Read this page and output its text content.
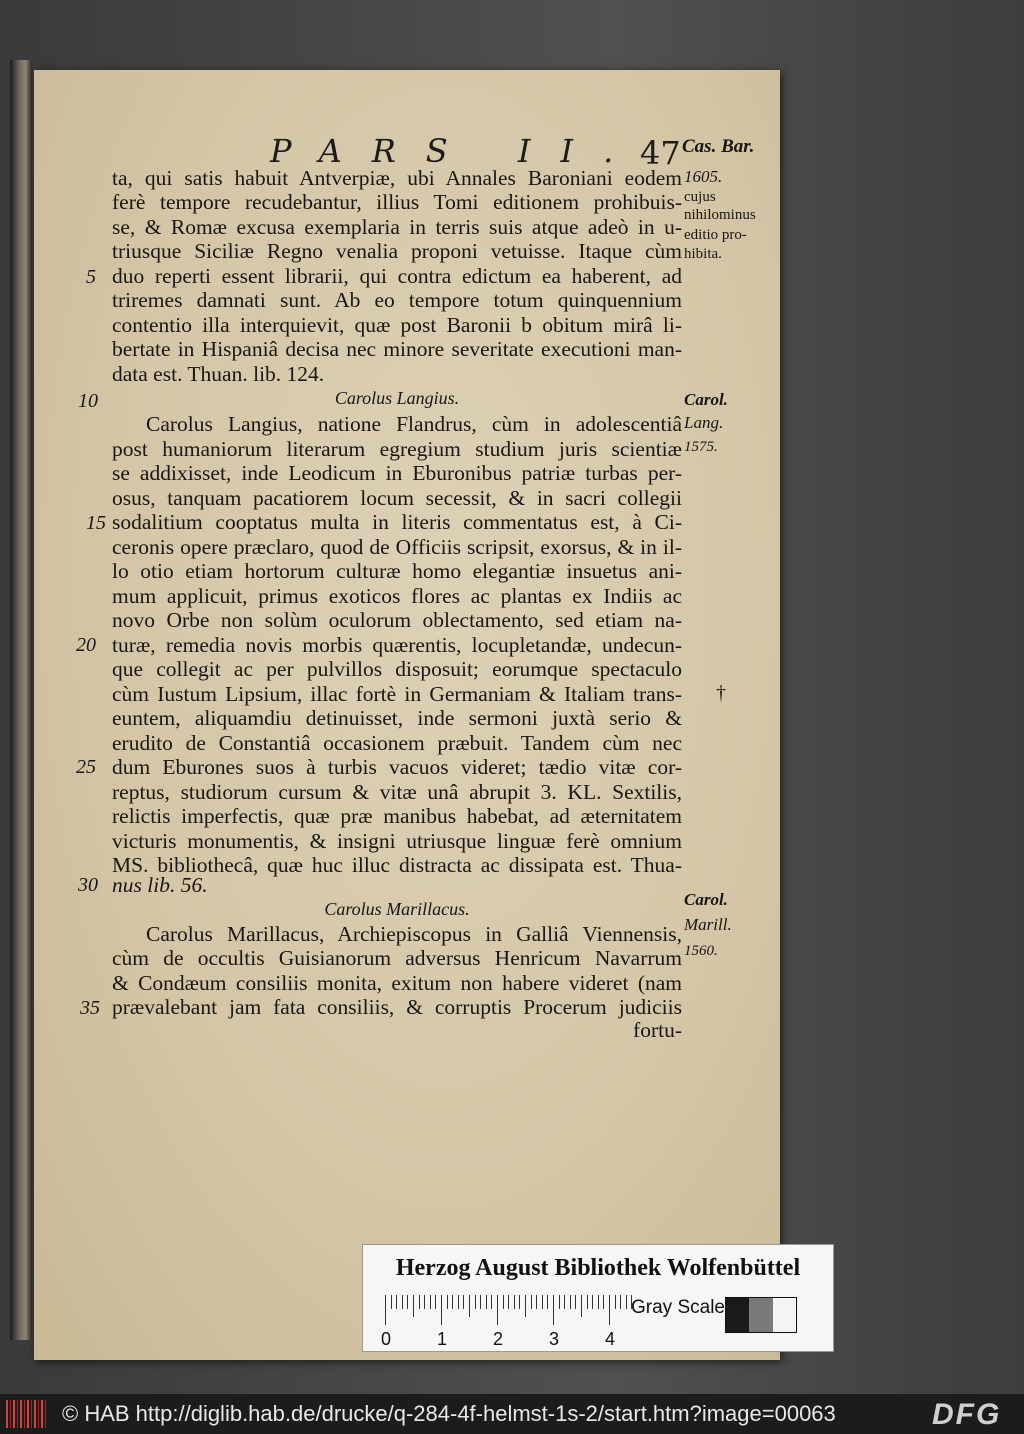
PARS II.
47
ta, qui satis habuit Antverpiæ, ubi Annales Baroniani eodem
ferè tempore recudebantur, illius Tomi editionem prohibuis-
se, & Romæ excusa exemplaria in terris suis atque adeò in u-
triusque Siciliæ Regno venalia proponi vetuisse. Itaque cùm
duo reperti essent librarii, qui contra edictum ea haberent, ad
triremes damnati sunt. Ab eo tempore totum quinquennium
contentio illa interquievit, quæ post Baronii b obitum mirâ li-
bertate in Hispaniâ decisa nec minore severitate executioni man-
data est. Thuan. lib. 124.
Carolus Langius.
Carolus Langius, natione Flandrus, cùm in adolescentiâ
post humaniorum literarum egregium studium juris scientiæ
se addixisset, inde Leodicum in Eburonibus patriæ turbas per-
osus, tanquam pacatiorem locum secessit, & in sacri collegii
sodalitium cooptatus multa in literis commentatus est, à Ci-
ceronis opere præclaro, quod de Officiis scripsit, exorsus, & in il-
lo otio etiam hortorum culturæ homo elegantiæ insuetus ani-
mum applicuit, primus exoticos flores ac plantas ex Indiis ac
novo Orbe non solùm oculorum oblectamento, sed etiam na-
turæ, remedia novis morbis quærentis, locupletandæ, undecun-
que collegit ac per pulvillos disposuit; eorumque spectaculo
cùm Iustum Lipsium, illac fortè in Germaniam & Italiam trans-
euntem, aliquamdiu detinuisset, inde sermoni juxtà serio &
erudito de Constantiâ occasionem præbuit. Tandem cùm nec
dum Eburones suos à turbis vacuos videret; tædio vitæ cor-
reptus, studiorum cursum & vitæ unâ abrupit 3. KL. Sextilis,
relictis imperfectis, quæ præ manibus habebat, ad æternitatem
victuris monumentis, & insigni utriusque linguæ ferè omnium
MS. bibliothecâ, quæ huc illuc distracta ac dissipata est. Thua-
nus lib. 56.
Carolus Marillacus.
Carolus Marillacus, Archiepiscopus in Galliâ Viennensis,
cùm de occultis Guisianorum adversus Henricum Navarrum
& Condæum consiliis monita, exitum non habere videret (nam
prævalebant jam fata consiliis, & corruptis Procerum judiciis
fortu-
5
10
15
20
25
30
35
Cas. Bar.
1605.
cujus nihilominus
editio pro-
hibita.
Carol.
Lang.
1575.
†
Carol.
Marill.
1560.
Herzog August Bibliothek Wolfenbüttel
0	1	2	3	4
Gray Scale
© HAB http://diglib.hab.de/drucke/q-284-4f-helmst-1s-2/start.htm?image=00063	DFG
